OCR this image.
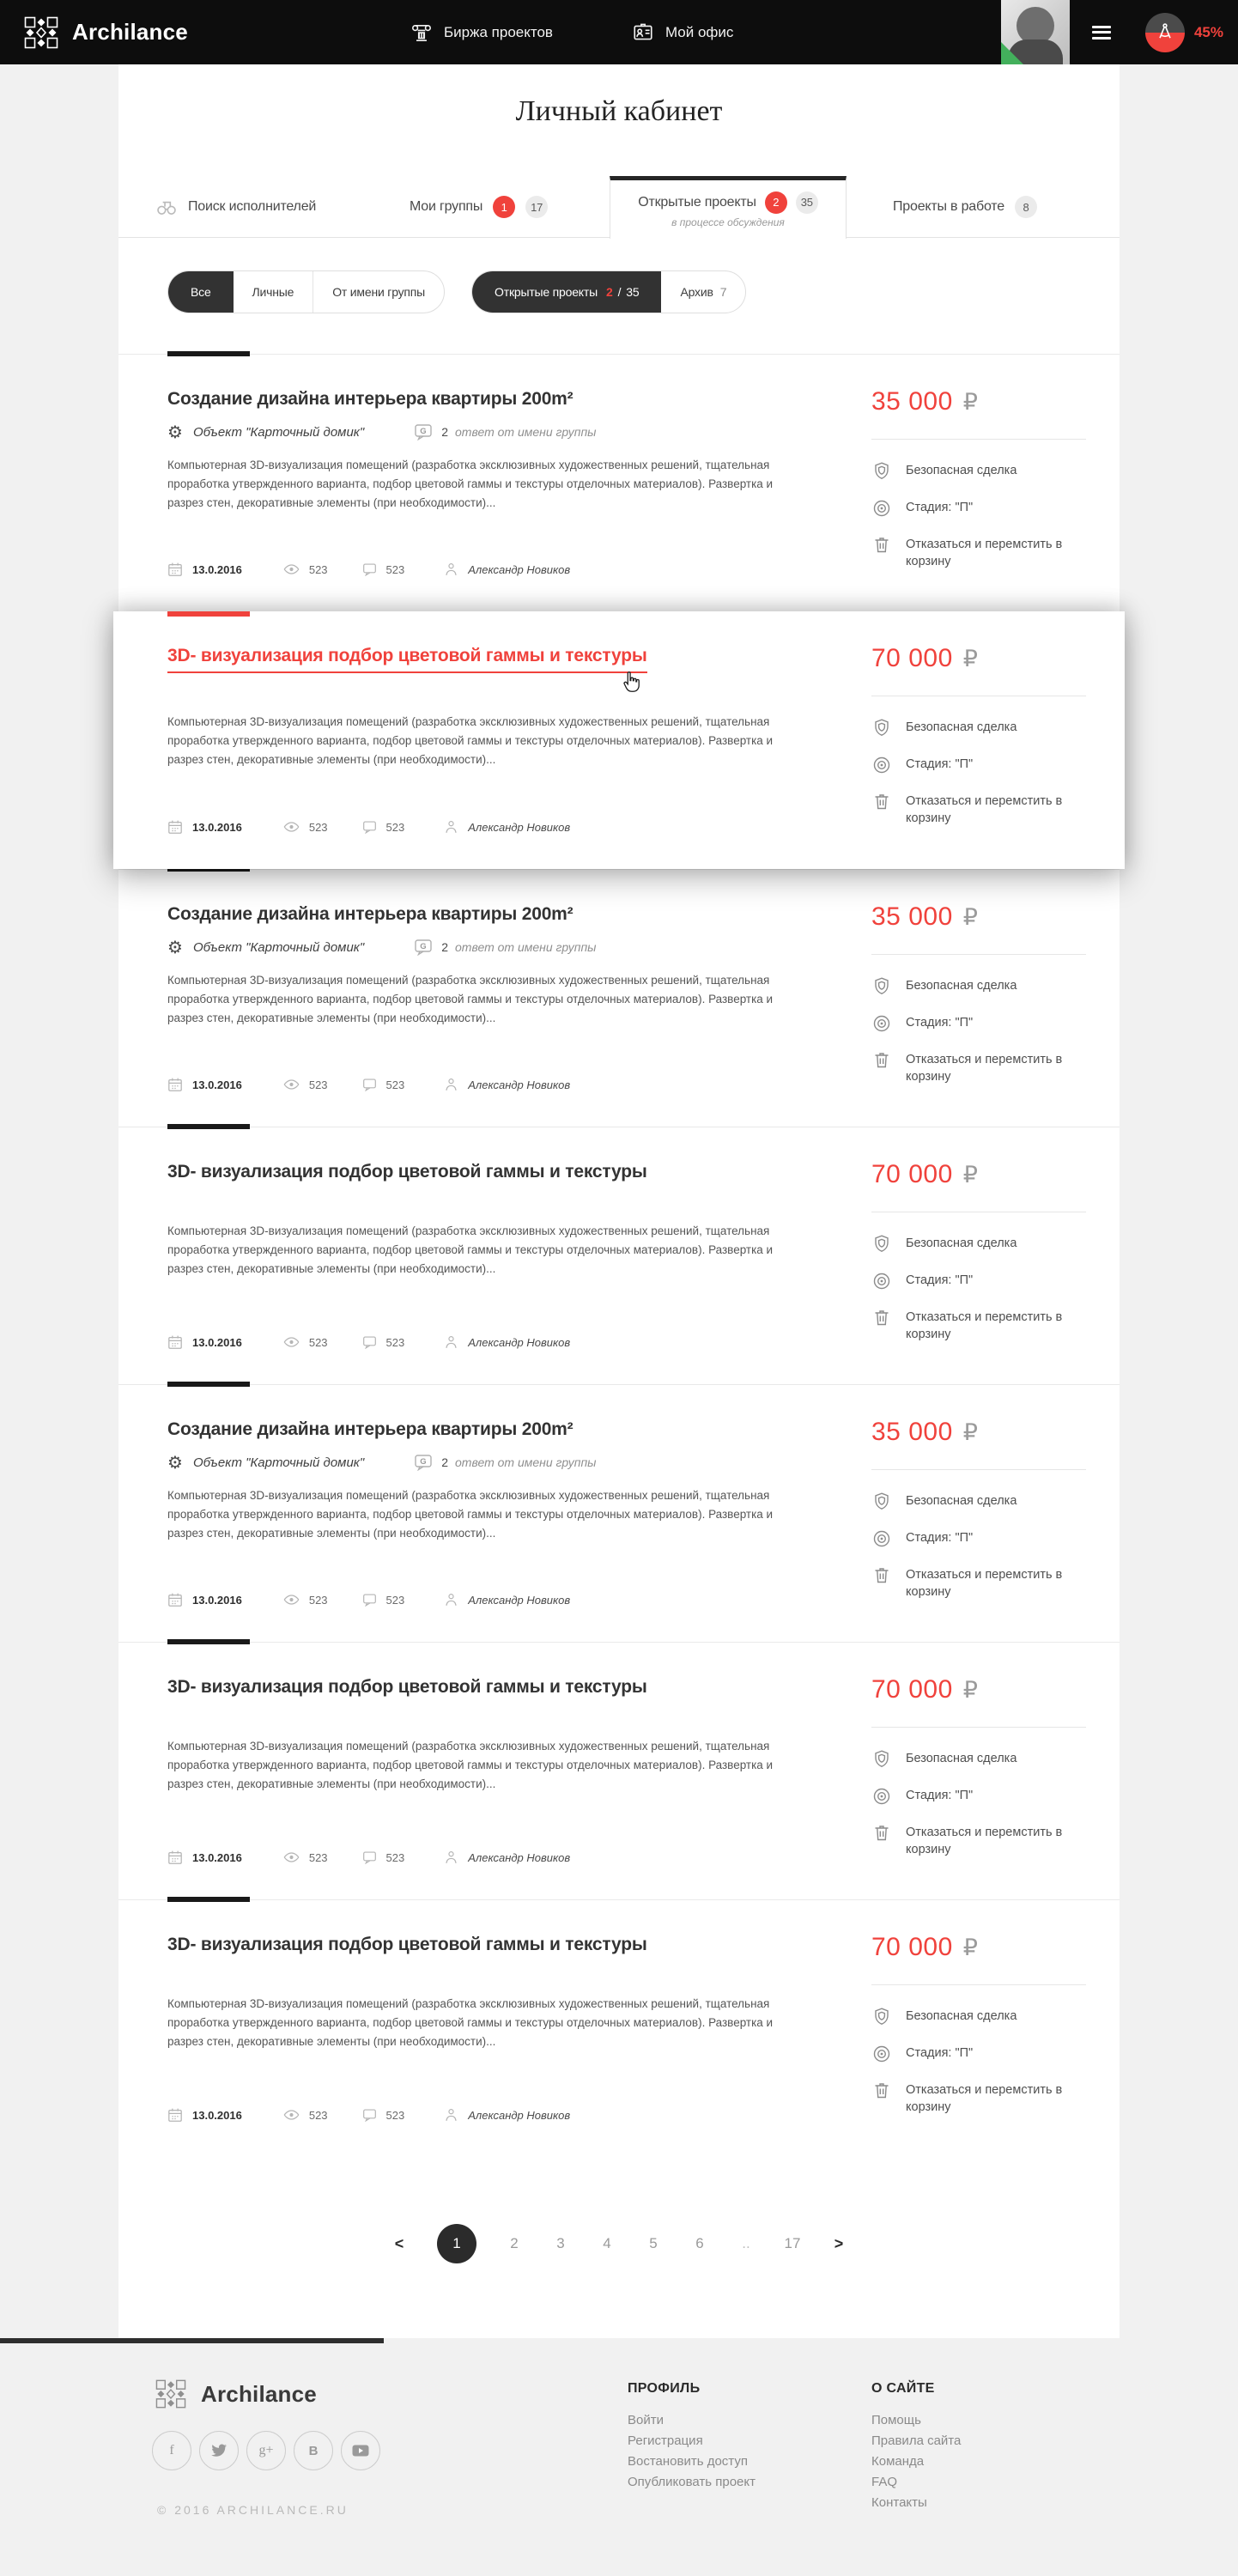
Archilance	Биржа проектов	Мой офис	45%
Личный кабинет
Поиск исполнителей	Мои группы	1	17	Открытые проекты	2	35
в процессе обсуждения
Проекты в работе	8
Все	Личные	От имени группы	Открытые проекты 2 / 35	Архив 7
Создание дизайна интерьера квартиры 200m²
⚙ Объект "Карточный домик"	G 2 ответ от имени группы

Компьютерная 3D-визуализация помещений (разработка эксклюзивных художественных решений, тщательная проработка утвержденного варианта, подбор цветовой гаммы и текстуры отделочных материалов). Развертка и разрез стен, декоративные элементы (при необходимости)...

13.0.2016	523	523	Александр Новиков
35 000 ₽
Безопасная сделка
Стадия: "П"
Отказаться и перемстить в корзину
3D- визуализация подбор цветовой гаммы и текстуры

Компьютерная 3D-визуализация помещений (разработка эксклюзивных художественных решений, тщательная проработка утвержденного варианта, подбор цветовой гаммы и текстуры отделочных материалов). Развертка и разрез стен, декоративные элементы (при необходимости)...

13.0.2016	523	523	Александр Новиков
70 000 ₽
Безопасная сделка
Стадия: "П"
Отказаться и перемстить в корзину
Создание дизайна интерьера квартиры 200m²
⚙ Объект "Карточный домик"	G 2 ответ от имени группы

Компьютерная 3D-визуализация помещений (разработка эксклюзивных художественных решений, тщательная проработка утвержденного варианта, подбор цветовой гаммы и текстуры отделочных материалов). Развертка и разрез стен, декоративные элементы (при необходимости)...

13.0.2016	523	523	Александр Новиков
35 000 ₽
Безопасная сделка
Стадия: "П"
Отказаться и перемстить в корзину
3D- визуализация подбор цветовой гаммы и текстуры

Компьютерная 3D-визуализация помещений (разработка эксклюзивных художественных решений, тщательная проработка утвержденного варианта, подбор цветовой гаммы и текстуры отделочных материалов). Развертка и разрез стен, декоративные элементы (при необходимости)...

13.0.2016	523	523	Александр Новиков
70 000 ₽
Безопасная сделка
Стадия: "П"
Отказаться и перемстить в корзину
Создание дизайна интерьера квартиры 200m²
⚙ Объект "Карточный домик"	G 2 ответ от имени группы

Компьютерная 3D-визуализация помещений (разработка эксклюзивных художественных решений, тщательная проработка утвержденного варианта, подбор цветовой гаммы и текстуры отделочных материалов). Развертка и разрез стен, декоративные элементы (при необходимости)...

13.0.2016	523	523	Александр Новиков
35 000 ₽
Безопасная сделка
Стадия: "П"
Отказаться и перемстить в корзину
3D- визуализация подбор цветовой гаммы и текстуры

Компьютерная 3D-визуализация помещений (разработка эксклюзивных художественных решений, тщательная проработка утвержденного варианта, подбор цветовой гаммы и текстуры отделочных материалов). Развертка и разрез стен, декоративные элементы (при необходимости)...

13.0.2016	523	523	Александр Новиков
70 000 ₽
Безопасная сделка
Стадия: "П"
Отказаться и перемстить в корзину
3D- визуализация подбор цветовой гаммы и текстуры

Компьютерная 3D-визуализация помещений (разработка эксклюзивных художественных решений, тщательная проработка утвержденного варианта, подбор цветовой гаммы и текстуры отделочных материалов). Развертка и разрез стен, декоративные элементы (при необходимости)...

13.0.2016	523	523	Александр Новиков
70 000 ₽
Безопасная сделка
Стадия: "П"
Отказаться и перемстить в корзину
<	1	2	3	4	5	6	..	17 >
Archilance
f	g+	B
© 2016 ARCHILANCE.RU
ПРОФИЛЬ
Войти
Регистрация
Востановить доступ
Опубликовать проект
О САЙТЕ
Помощь
Правила сайта
Команда
FAQ
Контакты
